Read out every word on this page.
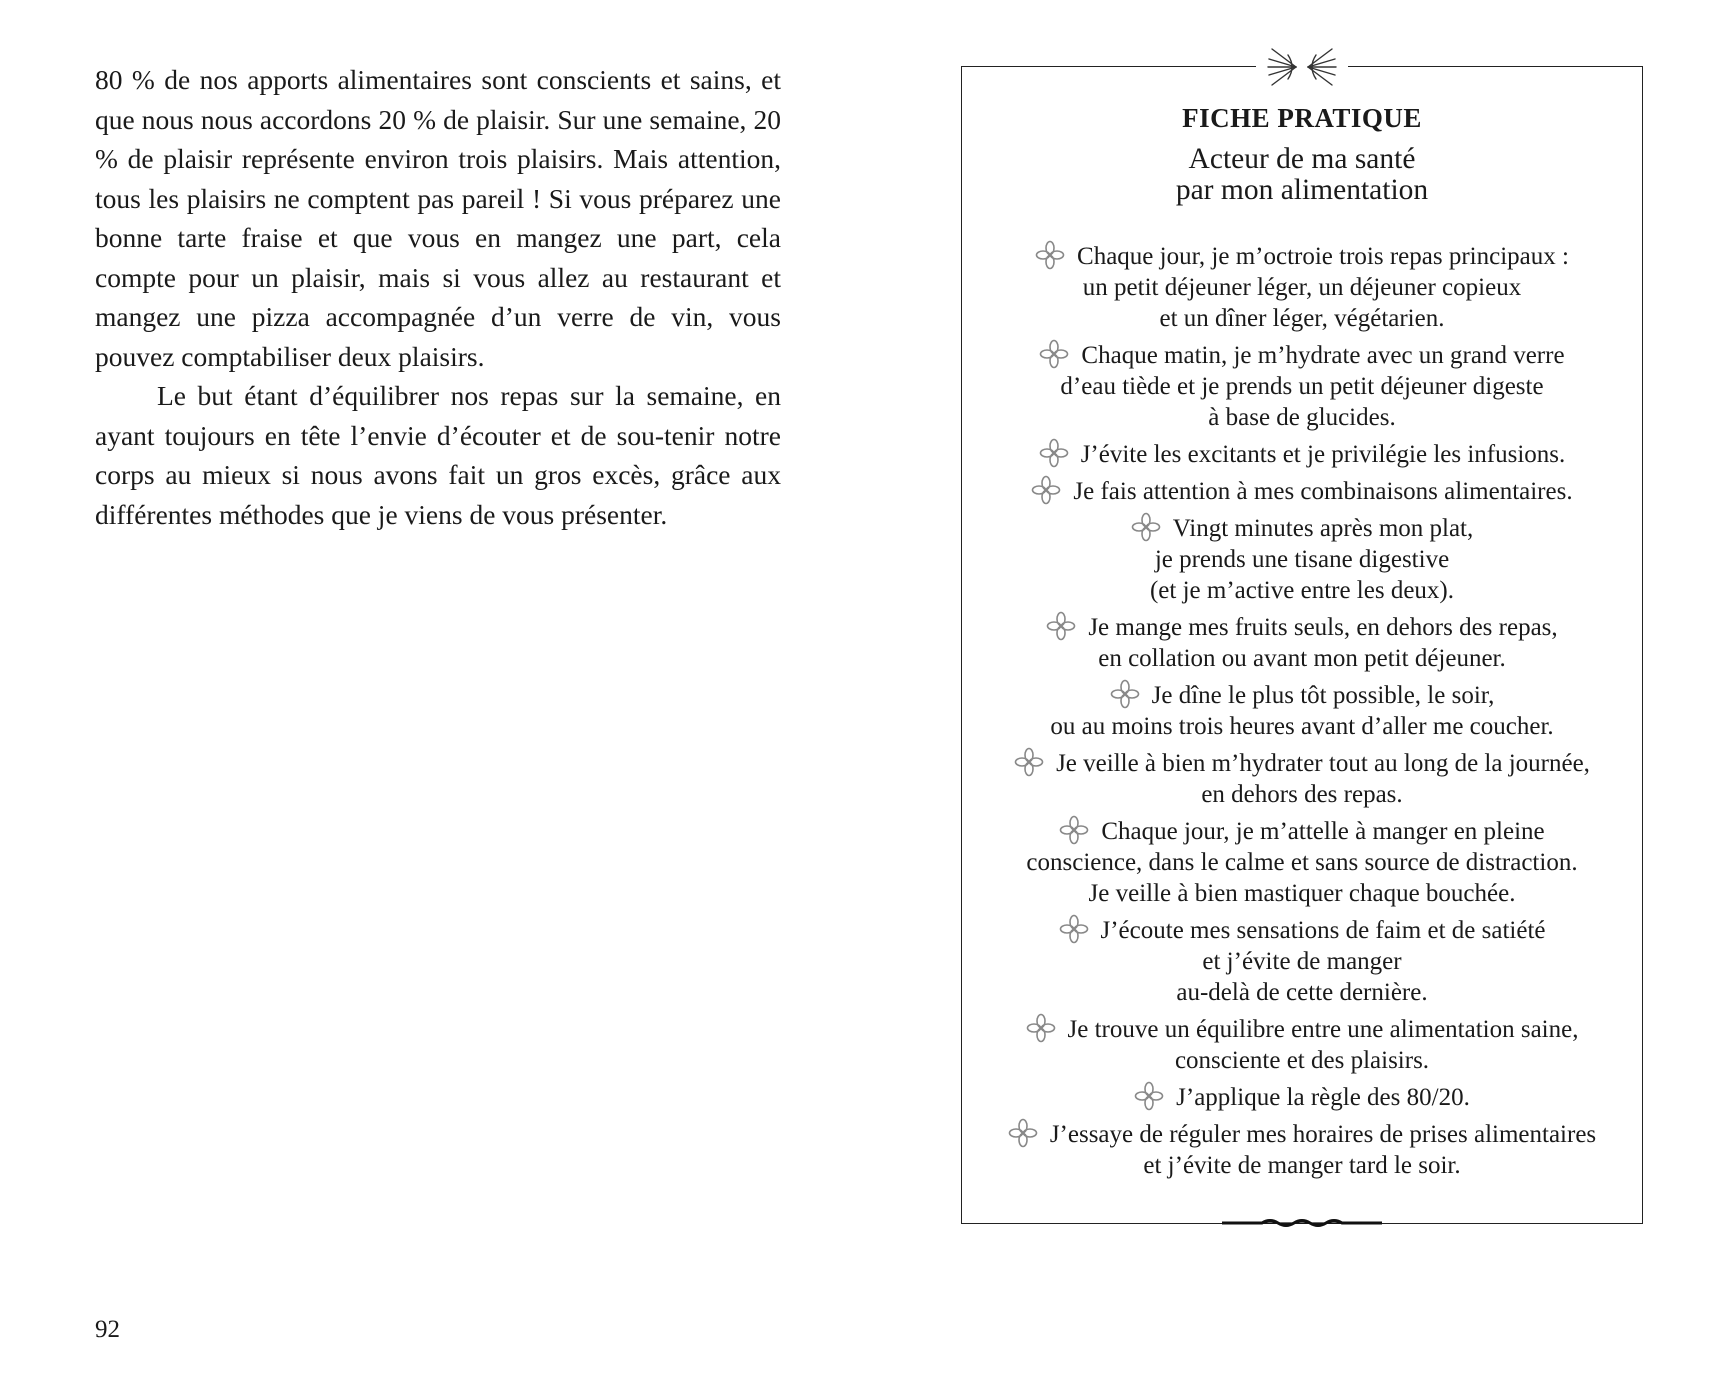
80 % de nos apports alimentaires sont conscients et sains, et que nous nous accordons 20 % de plaisir. Sur une semaine, 20 % de plaisir représente environ trois plaisirs. Mais attention, tous les plaisirs ne comptent pas pareil ! Si vous préparez une bonne tarte fraise et que vous en mangez une part, cela compte pour un plaisir, mais si vous allez au restaurant et mangez une pizza accompagnée d’un verre de vin, vous pouvez comptabiliser deux plaisirs.

Le but étant d’équilibrer nos repas sur la semaine, en ayant toujours en tête l’envie d’écouter et de sou-tenir notre corps au mieux si nous avons fait un gros excès, grâce aux différentes méthodes que je viens de vous présenter.

92
FICHE PRATIQUE
Acteur de ma santé
par mon alimentation
Chaque jour, je m’octroie trois repas principaux :
un petit déjeuner léger, un déjeuner copieux
et un dîner léger, végétarien.
Chaque matin, je m’hydrate avec un grand verre
d’eau tiède et je prends un petit déjeuner digeste
à base de glucides.
J’évite les excitants et je privilégie les infusions.
Je fais attention à mes combinaisons alimentaires.
Vingt minutes après mon plat,
je prends une tisane digestive
(et je m’active entre les deux).
Je mange mes fruits seuls, en dehors des repas,
en collation ou avant mon petit déjeuner.
Je dîne le plus tôt possible, le soir,
ou au moins trois heures avant d’aller me coucher.
Je veille à bien m’hydrater tout au long de la journée,
en dehors des repas.
Chaque jour, je m’attelle à manger en pleine
conscience, dans le calme et sans source de distraction.
Je veille à bien mastiquer chaque bouchée.
J’écoute mes sensations de faim et de satiété
et j’évite de manger
au-delà de cette dernière.
Je trouve un équilibre entre une alimentation saine,
consciente et des plaisirs.
J’applique la règle des 80/20.
J’essaye de réguler mes horaires de prises alimentaires
et j’évite de manger tard le soir.
